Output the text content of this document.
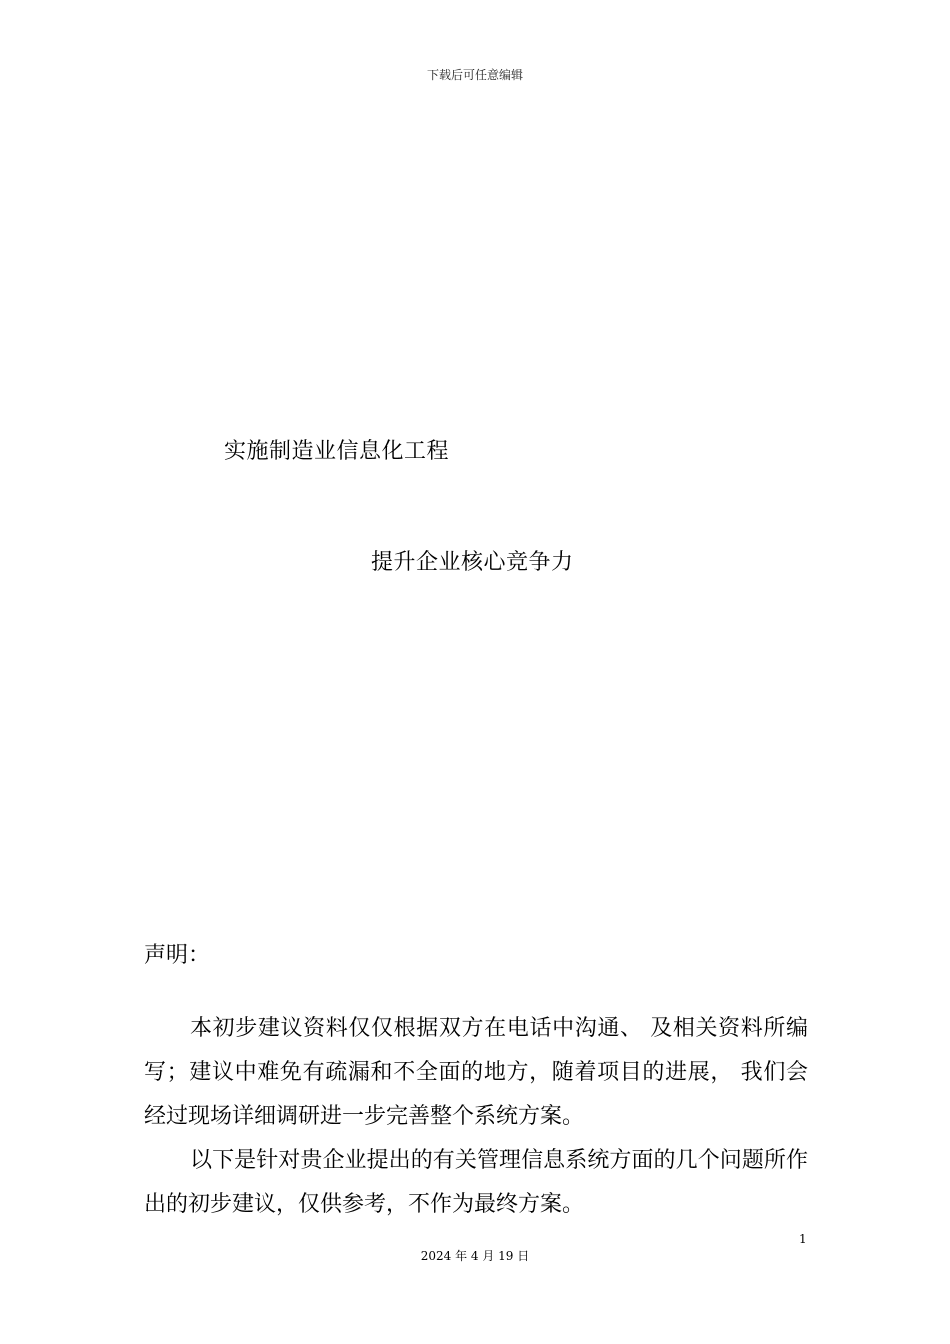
下载后可任意编辑
实施制造业信息化工程
提升企业核心竞争力
声明：

本初步建议资料仅仅根据双方在电话中沟通、 及相关资料所编写；建议中难免有疏漏和不全面的地方，随着项目的进展， 我们会经过现场详细调研进一步完善整个系统方案。

以下是针对贵企业提出的有关管理信息系统方面的几个问题所作出的初步建议，仅供参考，不作为最终方案。

1
2024 年 4 月 19 日
